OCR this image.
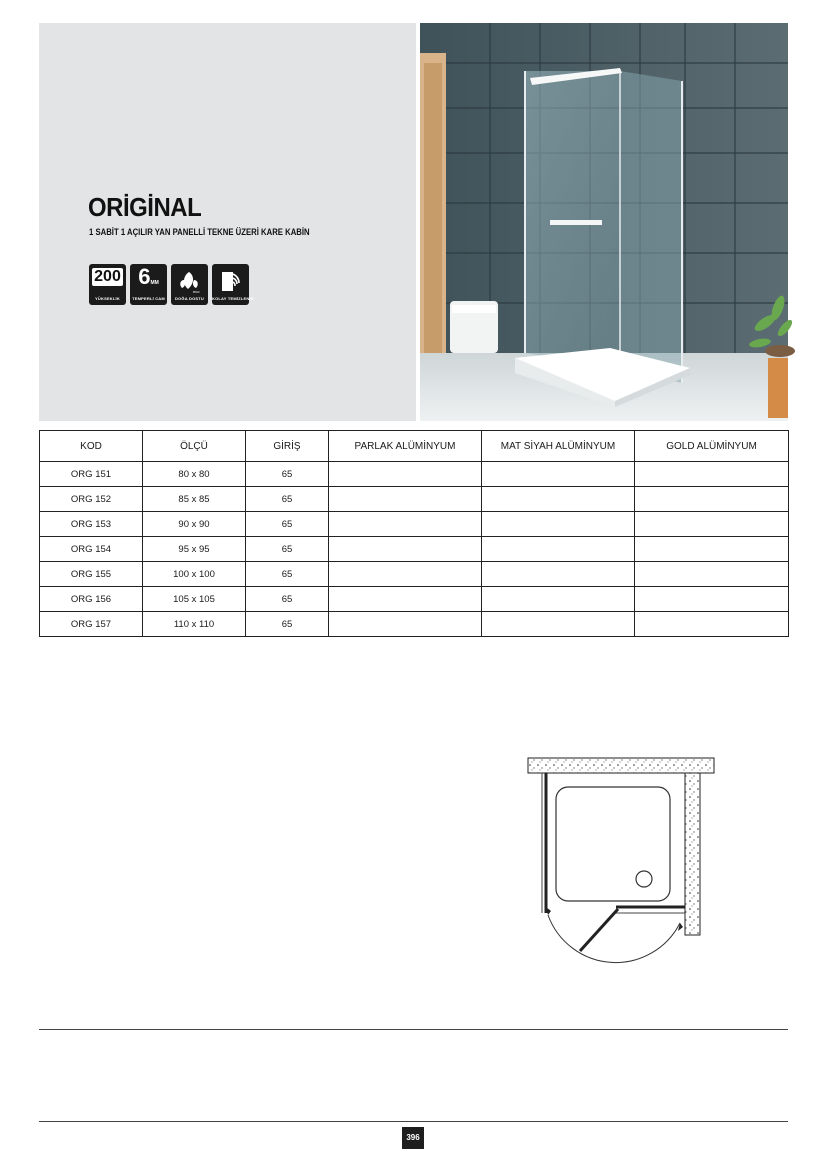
ORİGİNAL
1 SABİT 1 AÇILIR YAN PANELLİ TEKNE ÜZERİ KARE KABİN
200
YÜKSEKLİK
6MM
TEMPERLİ CAM
eco
DOĞA DOSTU	KOLAY TEMİZLENİR
KOD	ÖLÇÜ	GİRİŞ	PARLAK ALÜMİNYUM	MAT SİYAH ALÜMİNYUM	GOLD ALÜMİNYUM
ORG 151	80 x 80	65			
ORG 152	85 x 85	65			
ORG 153	90 x 90	65			
ORG 154	95 x 95	65			
ORG 155	100 x 100	65			
ORG 156	105 x 105	65			
ORG 157	110 x 110	65			
396
